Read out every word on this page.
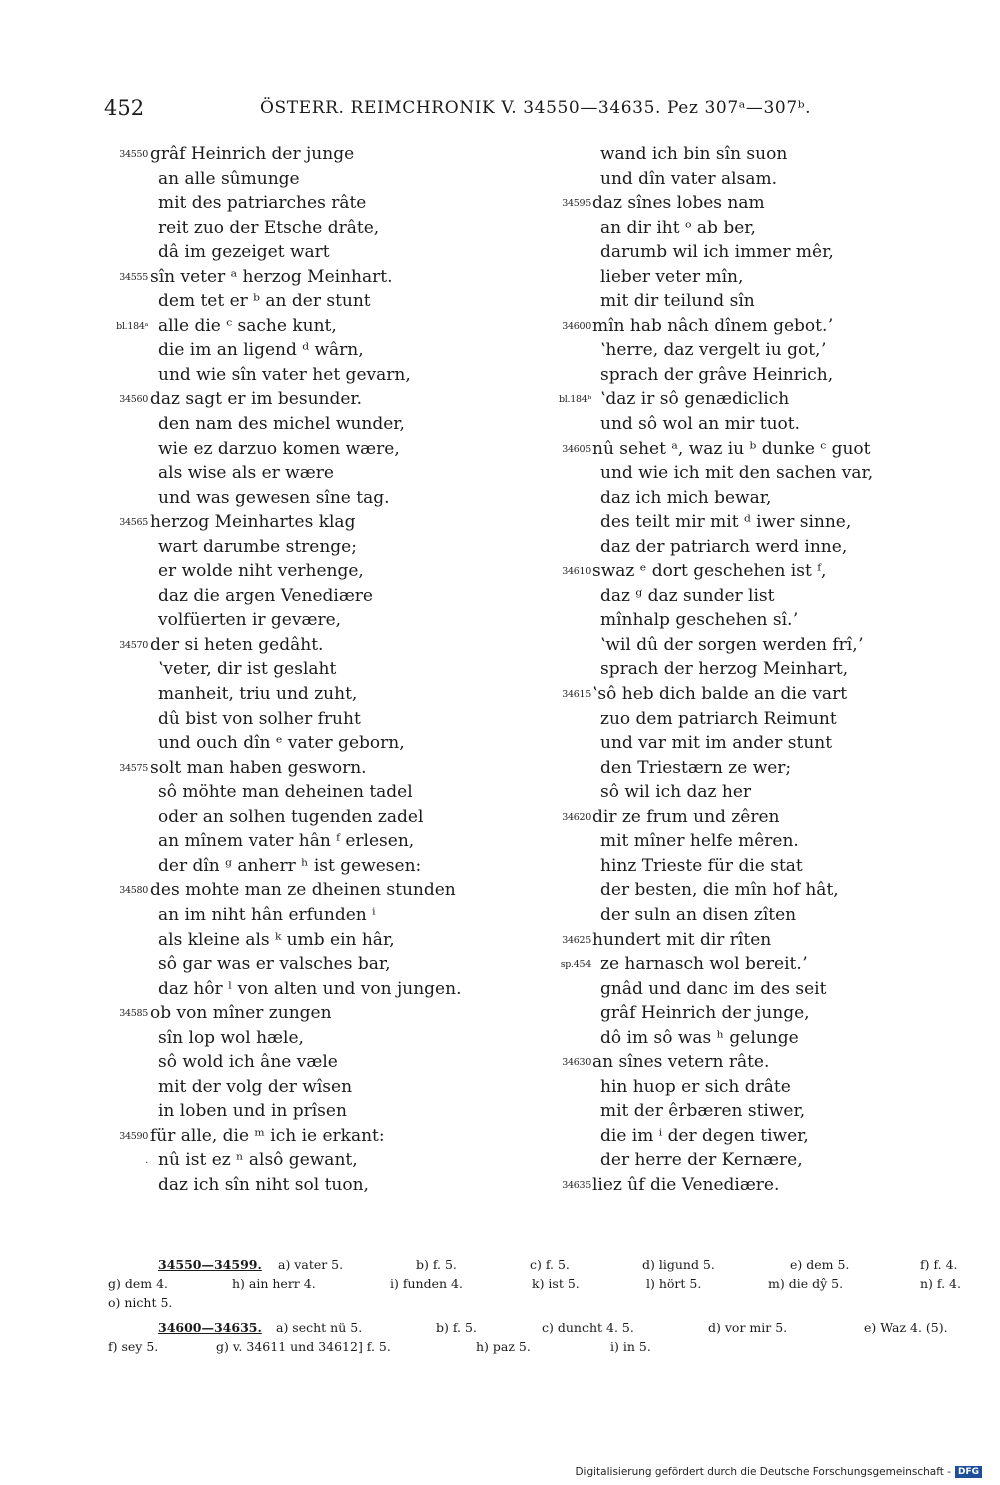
452	ÖSTERR. REIMCHRONIK V. 34550—34635. Pez 307ᵃ—307ᵇ.
34550 grâf Heinrich der junge
an alle sûmunge
mit des patriarches râte
reit zuo der Etsche drâte,
dâ im gezeiget wart
34555 sîn veter ᵃ herzog Meinhart.
dem tet er ᵇ an der stunt
bl.184ᵃ alle die ᶜ sache kunt,
die im an ligend ᵈ wârn,
und wie sîn vater het gevarn,
34560 daz sagt er im besunder.
den nam des michel wunder,
wie ez darzuo komen wære,
als wise als er wære
und was gewesen sîne tag.
34565 herzog Meinhartes klag
wart darumbe strenge;
er wolde niht verhenge,
daz die argen Venediære
volfüerten ir gevære,
34570 der si heten gedâht.
ʽveter, dir ist geslaht
manheit, triu und zuht,
dû bist von solher fruht
und ouch dîn ᵉ vater geborn,
34575 solt man haben gesworn.
sô möhte man deheinen tadel
oder an solhen tugenden zadel
an mînem vater hân ᶠ erlesen,
der dîn ᵍ anherr ʰ ist gewesen:
34580 des mohte man ze dheinen stunden
an im niht hân erfunden ⁱ
als kleine als ᵏ umb ein hâr,
sô gar was er valsches bar,
daz hôr ˡ von alten und von jungen.
34585 ob von mîner zungen
sîn lop wol hæle,
sô wold ich âne væle
mit der volg der wîsen
in loben und in prîsen
34590 für alle, die ᵐ ich ie erkant:
. nû ist ez ⁿ alsô gewant,
daz ich sîn niht sol tuon,
wand ich bin sîn suon
und dîn vater alsam.
34595 daz sînes lobes nam
an dir iht ᵒ ab ber,
darumb wil ich immer mêr,
lieber veter mîn,
mit dir teilund sîn
34600 mîn hab nâch dînem gebot.ʼ
ʽherre, daz vergelt iu got,ʼ
sprach der grâve Heinrich,
bl.184ᵇ ʽdaz ir sô genædiclich
und sô wol an mir tuot.
34605 nû sehet ᵃ, waz iu ᵇ dunke ᶜ guot
und wie ich mit den sachen var,
daz ich mich bewar,
des teilt mir mit ᵈ iwer sinne,
daz der patriarch werd inne,
34610 swaz ᵉ dort geschehen ist ᶠ,
daz ᵍ daz sunder list
mînhalp geschehen sî.ʼ
ʽwil dû der sorgen werden frî,ʼ
sprach der herzog Meinhart,
34615 ʽsô heb dich balde an die vart
zuo dem patriarch Reimunt
und var mit im ander stunt
den Triestærn ze wer;
sô wil ich daz her
34620 dir ze frum und zêren
mit mîner helfe mêren.
hinz Trieste für die stat
der besten, die mîn hof hât,
der suln an disen zîten
34625 hundert mit dir rîten
sp.454 ze harnasch wol bereit.ʼ
gnâd und danc im des seit
grâf Heinrich der junge,
dô im sô was ʰ gelunge
34630 an sînes vetern râte.
hin huop er sich drâte
mit der êrbæren stiwer,
die im ⁱ der degen tiwer,
der herre der Kernære,
34635 liez ûf die Venediære.
34550—34599. a) vater 5.	b) f. 5.	c) f. 5.	d) ligund 5.	e) dem 5.	f) f. 4.
g) dem 4.	h) ain herr 4.	i) funden 4.	k) ist 5.	l) hört 5.	m) die dŷ 5.	n) f. 4.
o) nicht 5.
34600—34635. a) secht nü 5.	b) f. 5.	c) duncht 4. 5.	d) vor mir 5.	e) Waz 4. (5).
f) sey 5.	g) v. 34611 und 34612] f. 5.	h) paz 5.	i) in 5.
Digitalisierung gefördert durch die Deutsche Forschungsgemeinschaft - DFG
